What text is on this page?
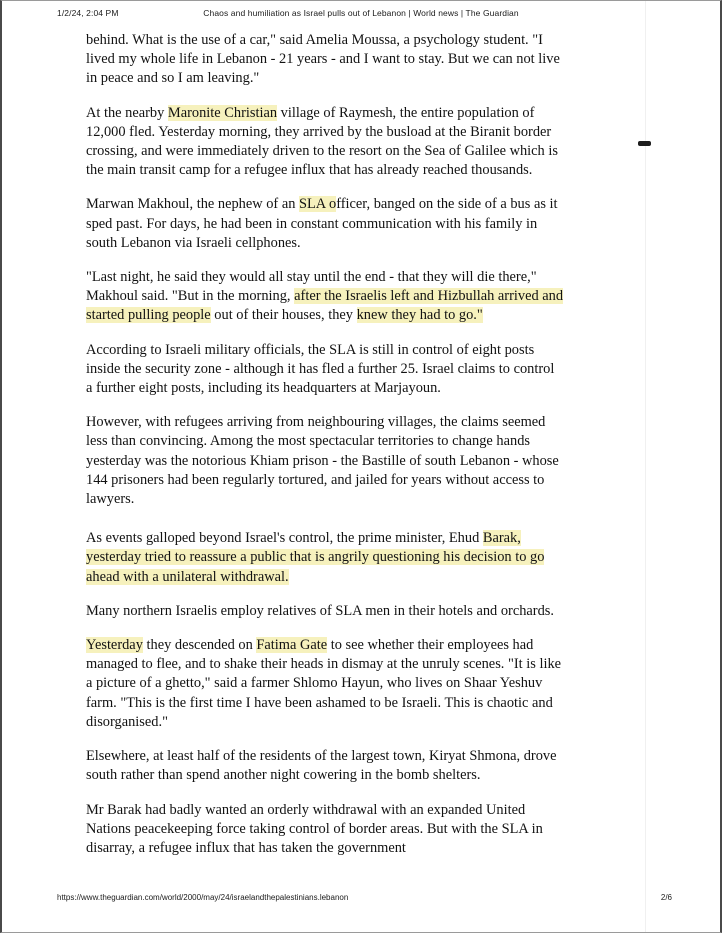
1/2/24, 2:04 PM	Chaos and humiliation as Israel pulls out of Lebanon | World news | The Guardian

behind. What is the use of a car," said Amelia Moussa, a psychology student. "I lived my whole life in Lebanon - 21 years - and I want to stay. But we can not live in peace and so I am leaving."

At the nearby Maronite Christian village of Raymesh, the entire population of 12,000 fled. Yesterday morning, they arrived by the busload at the Biranit border crossing, and were immediately driven to the resort on the Sea of Galilee which is the main transit camp for a refugee influx that has already reached thousands.

Marwan Makhoul, the nephew of an SLA officer, banged on the side of a bus as it sped past. For days, he had been in constant communication with his family in south Lebanon via Israeli cellphones.

"Last night, he said they would all stay until the end - that they will die there," Makhoul said. "But in the morning, after the Israelis left and Hizbullah arrived and started pulling people out of their houses, they knew they had to go."

According to Israeli military officials, the SLA is still in control of eight posts inside the security zone - although it has fled a further 25. Israel claims to control a further eight posts, including its headquarters at Marjayoun.

However, with refugees arriving from neighbouring villages, the claims seemed less than convincing. Among the most spectacular territories to change hands yesterday was the notorious Khiam prison - the Bastille of south Lebanon - whose 144 prisoners had been regularly tortured, and jailed for years without access to lawyers.

As events galloped beyond Israel's control, the prime minister, Ehud Barak, yesterday tried to reassure a public that is angrily questioning his decision to go ahead with a unilateral withdrawal.

Many northern Israelis employ relatives of SLA men in their hotels and orchards.

Yesterday they descended on Fatima Gate to see whether their employees had managed to flee, and to shake their heads in dismay at the unruly scenes. "It is like a picture of a ghetto," said a farmer Shlomo Hayun, who lives on Shaar Yeshuv farm. "This is the first time I have been ashamed to be Israeli. This is chaotic and disorganised."

Elsewhere, at least half of the residents of the largest town, Kiryat Shmona, drove south rather than spend another night cowering in the bomb shelters.

Mr Barak had badly wanted an orderly withdrawal with an expanded United Nations peacekeeping force taking control of border areas. But with the SLA in disarray, a refugee influx that has taken the government

https://www.theguardian.com/world/2000/may/24/israelandthepalestinians.lebanon	2/6
